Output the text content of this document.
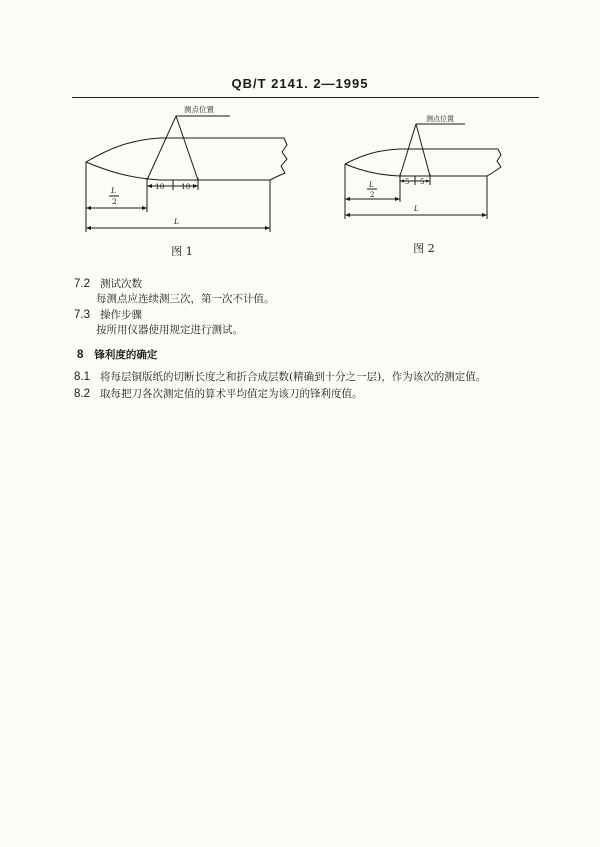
QB/T 2141. 2—1995
测点位置
10 10
L
2
L
图 1
测点位置
5 5
L
2
L
图 2
7.2 测试次数
每测点应连续测三次，第一次不计值。
7.3 操作步骤
按所用仪器使用规定进行测试。
8 锋利度的确定
8.1 将每层铜版纸的切断长度之和折合成层数(精确到十分之一层)，作为该次的测定值。
8.2 取每把刀各次测定值的算术平均值定为该刀的锋利度值。
